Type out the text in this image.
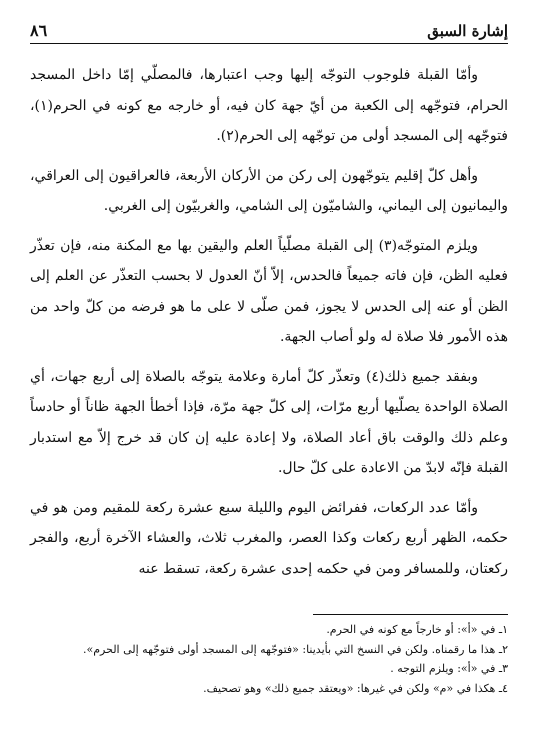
إشارة السبق
٨٦

وأمّا القبلة فلوجوب التوجّه إليها وجب اعتبارها، فالمصلّي إمّا داخل المسجد الحرام، فتوجّهه إلى الكعبة من أيّ جهة كان فيه، أو خارجه مع كونه في الحرم(١)، فتوجّهه إلى المسجد أولى من توجّهه إلى الحرم(٢).

وأهل كلّ إقليم يتوجّهون إلى ركن من الأركان الأربعة، فالعراقيون إلى العراقي، واليمانيون إلى اليماني، والشاميّون إلى الشامي، والغربيّون إلى الغربي.

ويلزم المتوجّه(٣) إلى القبلة مصلّياً العلم واليقين بها مع المكنة منه، فإن تعذّر فعليه الظن، فإن فاته جميعاً فالحدس، إلاّ أنّ العدول لا بحسب التعذّر عن العلم إلى الظن أو عنه إلى الحدس لا يجوز، فمن صلّى لا على ما هو فرضه من كلّ واحد من هذه الأمور فلا صلاة له ولو أصاب الجهة.

وبفقد جميع ذلك(٤) وتعذّر كلّ أمارة وعلامة يتوجّه بالصلاة إلى أربع جهات، أي الصلاة الواحدة يصلّيها أربع مرّات، إلى كلّ جهة مرّة، فإذا أخطأ الجهة ظاناً أو حادساً وعلم ذلك والوقت باق أعاد الصلاة، ولا إعادة عليه إن كان قد خرج إلاّ مع استدبار القبلة فإنّه لابدّ من الاعادة على كلّ حال.

وأمّا عدد الركعات، ففرائض اليوم والليلة سبع عشرة ركعة للمقيم ومن هو في حكمه، الظهر أربع ركعات وكذا العصر، والمغرب ثلاث، والعشاء الآخرة أربع، والفجر ركعتان، وللمسافر ومن في حكمه إحدى عشرة ركعة، تسقط عنه

١ـ في «أ»: أو خارجاً مع كونه في الحرم.

٢ـ هذا ما رقمناه. ولكن في النسخ التي بأيدينا: «فتوجّهه إلى المسجد أولى فتوجّهه إلى الحرم».

٣ـ في «أ»: ويلزم التوجه .

٤ـ هكذا في «م» ولكن في غيرها: «ويعتقد جميع ذلك» وهو تصحيف.
